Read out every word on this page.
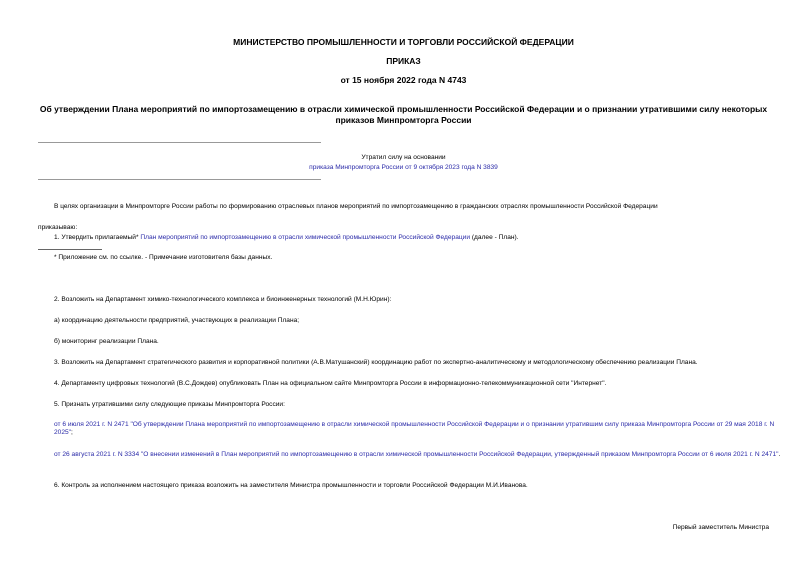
МИНИСТЕРСТВО ПРОМЫШЛЕННОСТИ И ТОРГОВЛИ РОССИЙСКОЙ ФЕДЕРАЦИИ
ПРИКАЗ
от 15 ноября 2022 года N 4743
Об утверждении Плана мероприятий по импортозамещению в отрасли химической промышленности Российской Федерации и о признании утратившими силу некоторых приказов Минпромторга России
Утратил силу на основании
приказа Минпромторга России от 9 октября 2023 года N 3839
В целях организации в Минпромторге России работы по формированию отраслевых планов мероприятий по импортозамещению в гражданских отраслях промышленности Российской Федерации
приказываю:
1. Утвердить прилагаемый* План мероприятий по импортозамещению в отрасли химической промышленности Российской Федерации (далее - План).
* Приложение см. по ссылке. - Примечание изготовителя базы данных.
2. Возложить на Департамент химико-технологического комплекса и биоинженерных технологий (М.Н.Юрин):
а) координацию деятельности предприятий, участвующих в реализации Плана;
б) мониторинг реализации Плана.
3. Возложить на Департамент стратегического развития и корпоративной политики (А.В.Матушанский) координацию работ по экспертно-аналитическому и методологическому обеспечению реализации Плана.
4. Департаменту цифровых технологий (В.С.Дождев) опубликовать План на официальном сайте Минпромторга России в информационно-телекоммуникационной сети "Интернет".
5. Признать утратившими силу следующие приказы Минпромторга России:
от 6 июля 2021 г. N 2471 "Об утверждении Плана мероприятий по импортозамещению в отрасли химической промышленности Российской Федерации и о признании утратившим силу приказа Минпромторга России от 29 мая 2018 г. N 2025";
от 26 августа 2021 г. N 3334 "О внесении изменений в План мероприятий по импортозамещению в отрасли химической промышленности Российской Федерации, утвержденный приказом Минпромторга России от 6 июля 2021 г. N 2471".
6. Контроль за исполнением настоящего приказа возложить на заместителя Министра промышленности и торговли Российской Федерации М.И.Иванова.
Первый заместитель Министра
